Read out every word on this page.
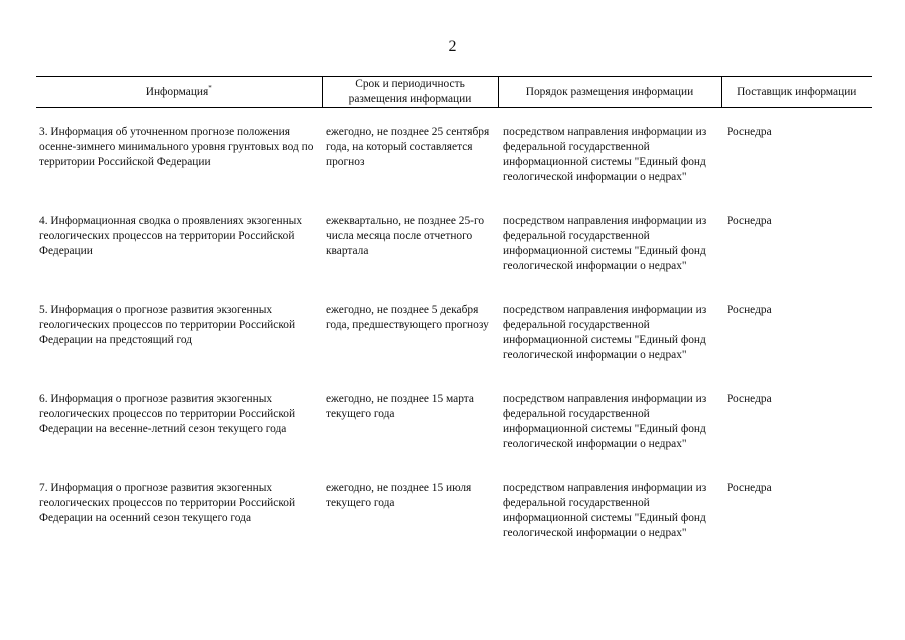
2
Информация*	Срок и периодичность размещения информации	Порядок размещения информации	Поставщик информации

3. Информация об уточненном прогнозе положения осенне-зимнего минимального уровня грунтовых вод по территории Российской Федерации	ежегодно, не позднее 25 сентября года, на который составляется прогноз	посредством направления информации из федеральной государственной информационной системы "Единый фонд геологической информации о недрах"	Роснедра
4. Информационная сводка о проявлениях экзогенных геологических процессов на территории Российской Федерации	ежеквартально, не позднее 25-го числа месяца после отчетного квартала	посредством направления информации из федеральной государственной информационной системы "Единый фонд геологической информации о недрах"	Роснедра
5. Информация о прогнозе развития экзогенных геологических процессов по территории Российской Федерации на предстоящий год	ежегодно, не позднее 5 декабря года, предшествующего прогнозу	посредством направления информации из федеральной государственной информационной системы "Единый фонд геологической информации о недрах"	Роснедра
6. Информация о прогнозе развития экзогенных геологических процессов по территории Российской Федерации на весенне-летний сезон текущего года	ежегодно, не позднее 15 марта текущего года	посредством направления информации из федеральной государственной информационной системы "Единый фонд геологической информации о недрах"	Роснедра
7. Информация о прогнозе развития экзогенных геологических процессов по территории Российской Федерации на осенний сезон текущего года	ежегодно, не позднее 15 июля текущего года	посредством направления информации из федеральной государственной информационной системы "Единый фонд геологической информации о недрах"	Роснедра
